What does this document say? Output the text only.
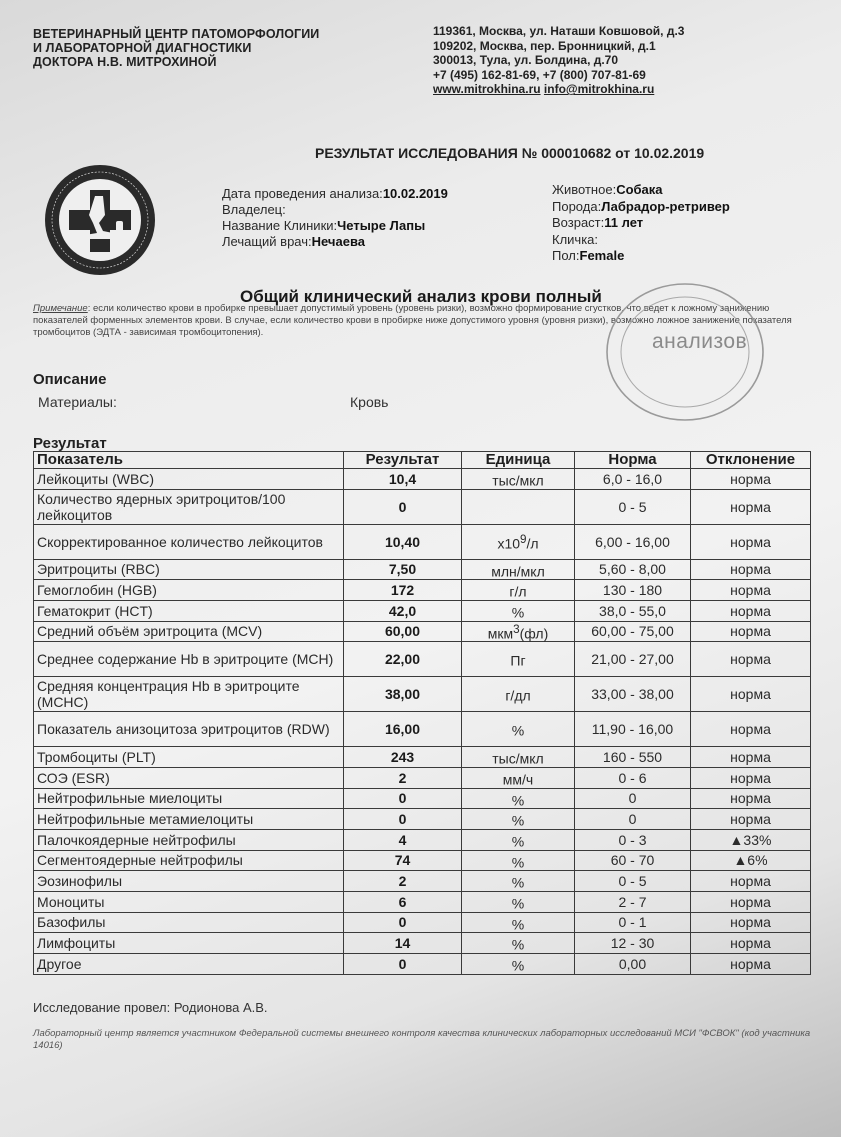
ВЕТЕРИНАРНЫЙ ЦЕНТР ПАТОМОРФОЛОГИИ
И ЛАБОРАТОРНОЙ ДИАГНОСТИКИ
ДОКТОРА Н.В. МИТРОХИНОЙ
119361, Москва, ул. Наташи Ковшовой, д.3
109202, Москва, пер. Бронницкий, д.1
300013, Тула, ул. Болдина, д.70
+7 (495) 162-81-69, +7 (800) 707-81-69
www.mitrokhina.ru info@mitrokhina.ru
РЕЗУЛЬТАТ ИССЛЕДОВАНИЯ № 000010682 от 10.02.2019
Дата проведения анализа:10.02.2019
Владелец:
Название Клиники:Четыре Лапы
Лечащий врач:Нечаева
Животное:Собака
Порода:Лабрадор-ретривер
Возраст:11 лет
Кличка:
Пол:Female
Общий клинический анализ крови полный
Примечание: если количество крови в пробирке превышает допустимый уровень (уровень ризки), возможно формирование сгустков, что ведет к ложному занижению показателей форменных элементов крови. В случае, если количество крови в пробирке ниже допустимого уровня (уровня ризки), возможно ложное занижение показателя тромбоцитов (ЭДТА - зависимая тромбоцитопения).	анализов
Описание
Материалы:	Кровь
Результат
Показатель	Результат	Единица	Норма	Отклонение
Лейкоциты (WBC)	10,4	тыс/мкл	6,0 - 16,0	норма
Количество ядерных эритроцитов/100 лейкоцитов	0		0 - 5	норма
Скорректированное количество лейкоцитов	10,40	$x10^9/л$	6,00 - 16,00	норма
Эритроциты (RBC)	7,50	млн/мкл	5,60 - 8,00	норма
Гемоглобин (HGB)	172	г/л	130 - 180	норма
Гематокрит (HCT)	42,0	%	38,0 - 55,0	норма
Средний объём эритроцита (MCV)	60,00	мкм$^3$(фл)	60,00 - 75,00	норма
Среднее содержание Hb в эритроците (MCH)	22,00	Пг	21,00 - 27,00	норма
Средняя концентрация Hb в эритроците (MCHC)	38,00	г/дл	33,00 - 38,00	норма
Показатель анизоцитоза эритроцитов (RDW)	16,00	%	11,90 - 16,00	норма
Тромбоциты (PLT)	243	тыс/мкл	160 - 550	норма
СОЭ (ESR)	2	мм/ч	0 - 6	норма
Нейтрофильные миелоциты	0	%	0	норма
Нейтрофильные метамиелоциты	0	%	0	норма
Палочкоядерные нейтрофилы	4	%	0 - 3	▲33%
Сегментоядерные нейтрофилы	74	%	60 - 70	▲6%
Эозинофилы	2	%	0 - 5	норма
Моноциты	6	%	2 - 7	норма
Базофилы	0	%	0 - 1	норма
Лимфоциты	14	%	12 - 30	норма
Другое	0	%	0,00	норма
Исследование провел: Родионова А.В.
Лабораторный центр является участником Федеральной системы внешнего контроля качества клинических лабораторных исследований МСИ "ФСВОК" (код участника 14016)
